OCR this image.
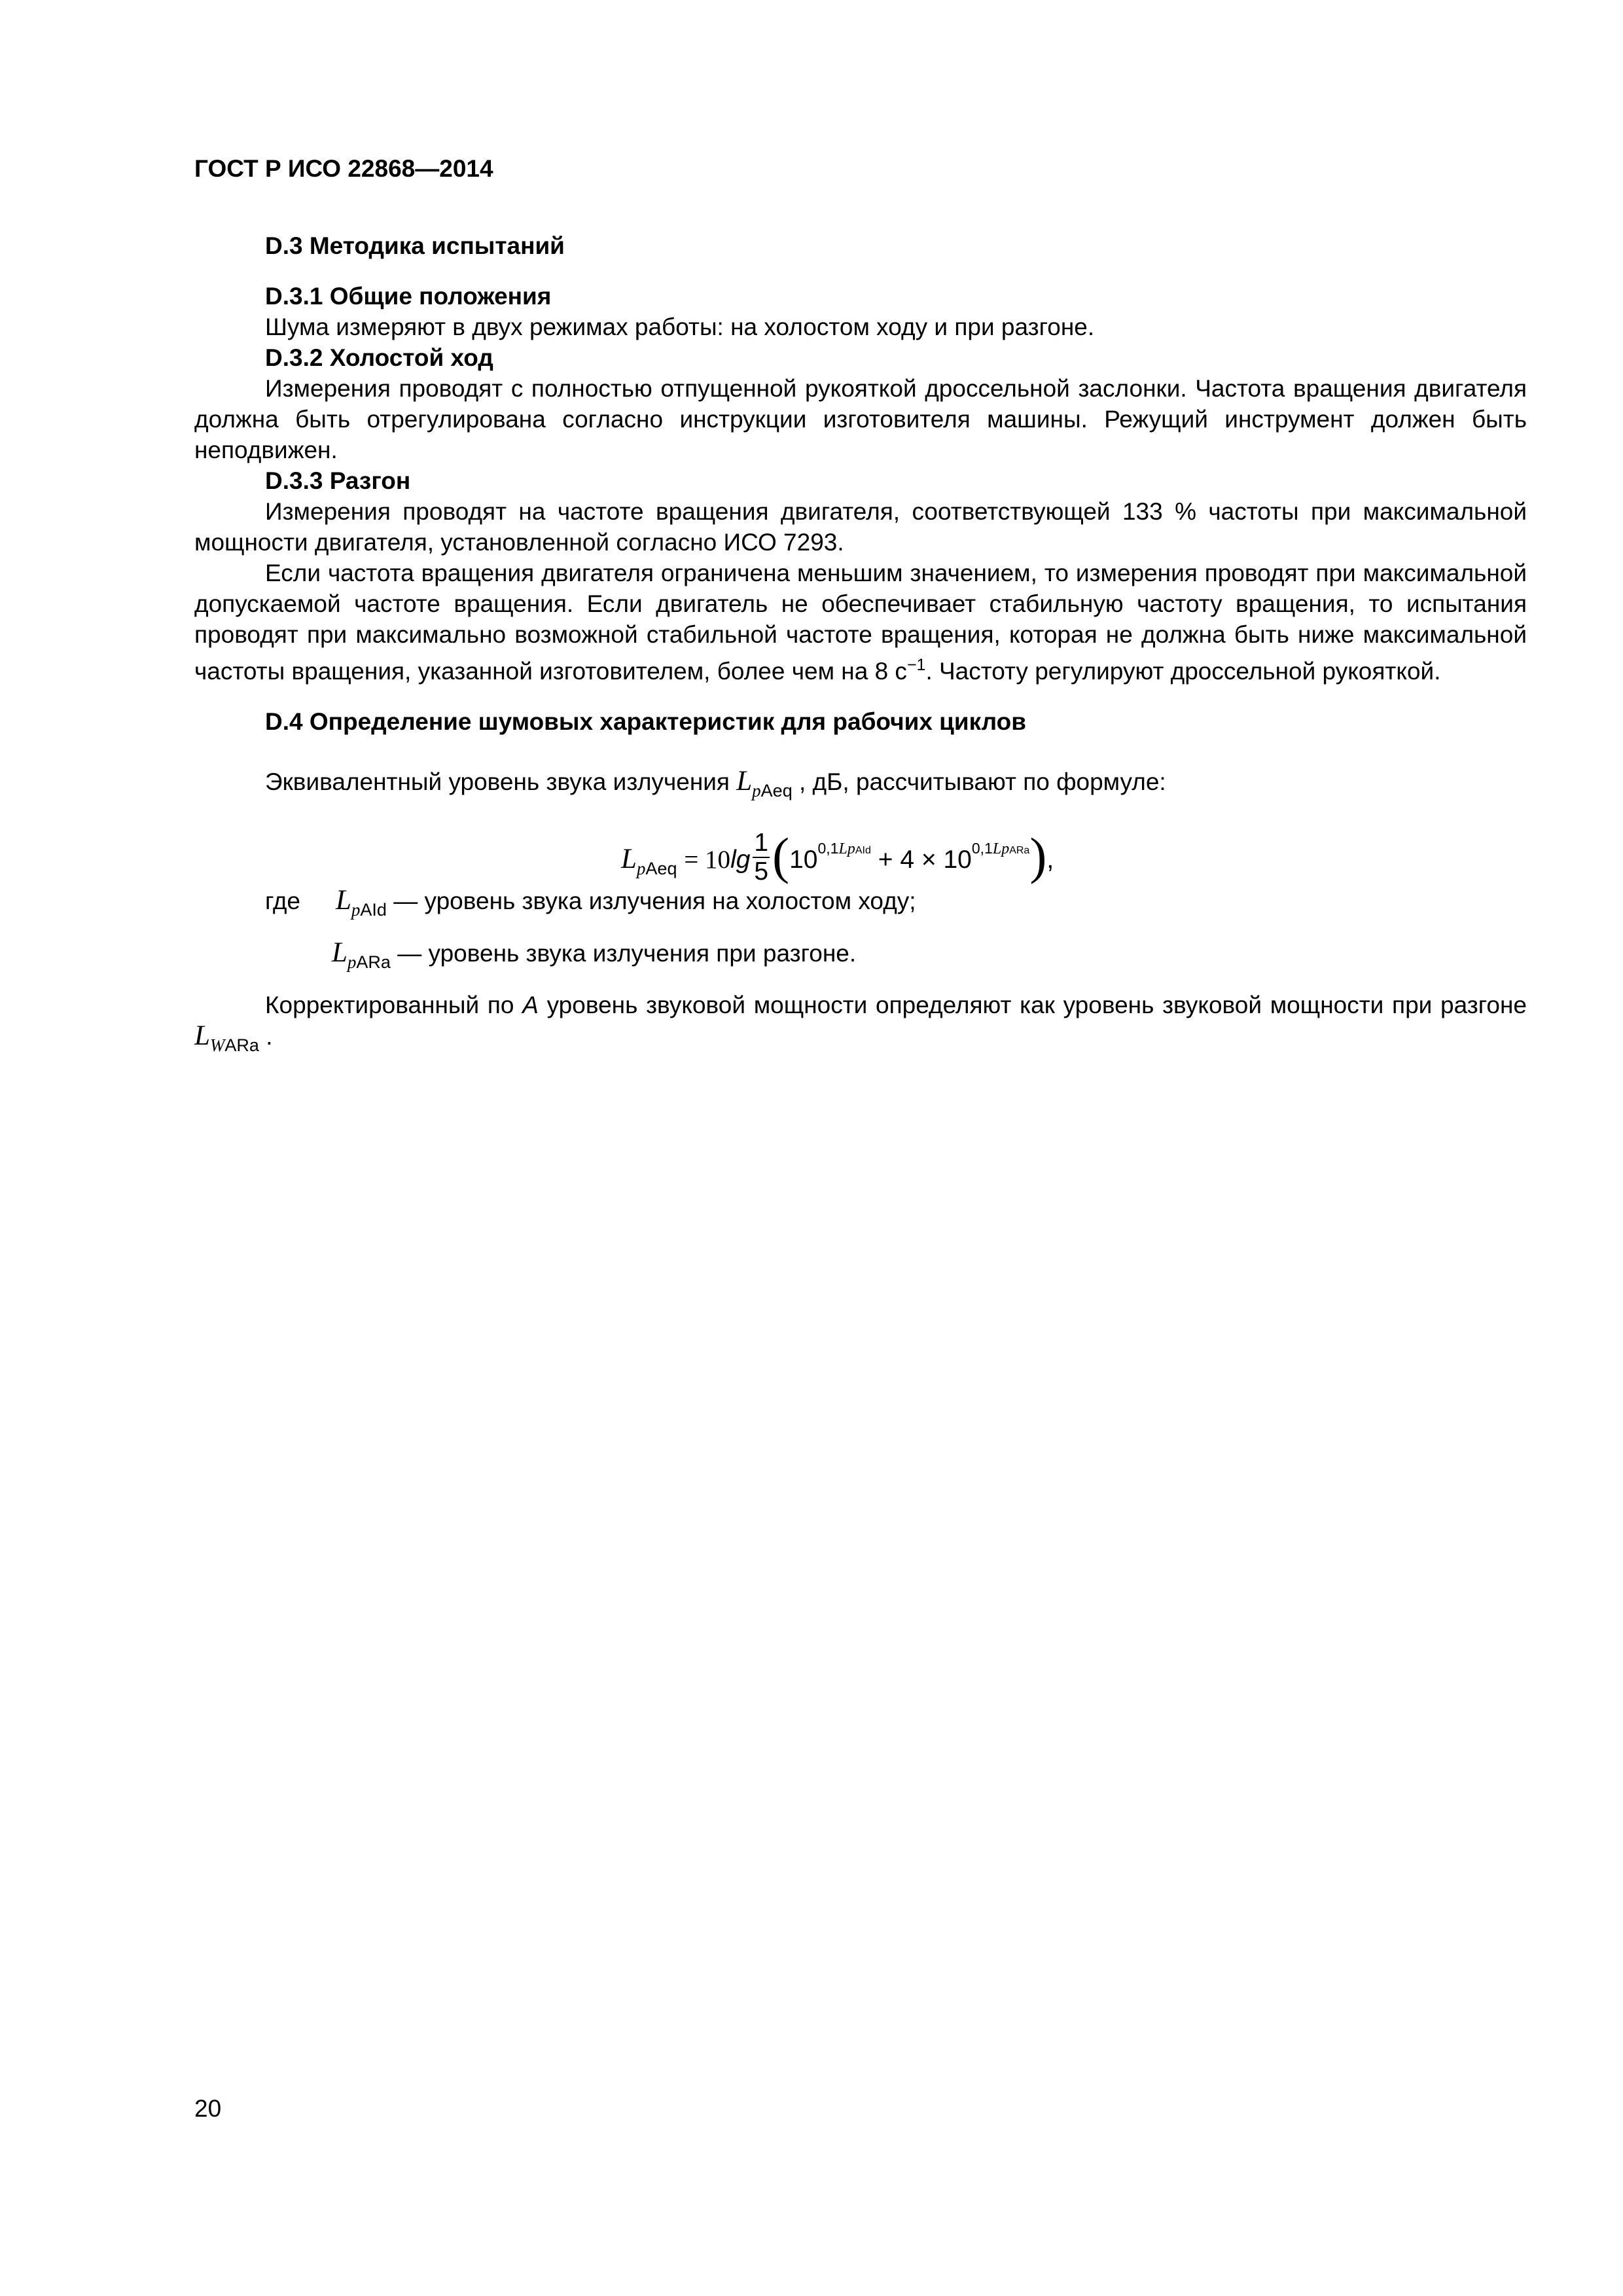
ГОСТ Р ИСО 22868—2014

D.3 Методика испытаний

D.3.1 Общие положения

Шума измеряют в двух режимах работы: на холостом ходу и при разгоне.

D.3.2 Холостой ход

Измерения проводят с полностью отпущенной рукояткой дроссельной заслонки. Частота вращения двигателя должна быть отрегулирована согласно инструкции изготовителя машины. Режущий инструмент должен быть неподвижен.

D.3.3 Разгон

Измерения проводят на частоте вращения двигателя, соответствующей 133 % частоты при максимальной мощности двигателя, установленной согласно ИСО 7293.

Если частота вращения двигателя ограничена меньшим значением, то измерения проводят при максимальной допускаемой частоте вращения. Если двигатель не обеспечивает стабильную частоту вращения, то испытания проводят при максимально возможной стабильной частоте вращения, которая не должна быть ниже максимальной частоты вращения, указанной изготовителем, более чем на 8 $с^{-1}$. Частоту регулируют дроссельной рукояткой.

D.4 Определение шумовых характеристик для рабочих циклов

Эквивалентный уровень звука излучения $L_{pAeq}$ , дБ, рассчитывают по формуле:

$L_{pAeq} = 10\lg \frac{1}{5} (10^{0,1LpAId} + 4 \times 10^{0,1LpARa})$,

где $L_{pAId}$ — уровень звука излучения на холостом ходу;

$L_{pARa}$ — уровень звука излучения при разгоне.

Корректированный по А уровень звуковой мощности определяют как уровень звуковой мощности при разгоне $L_{WARa}$ .

20
